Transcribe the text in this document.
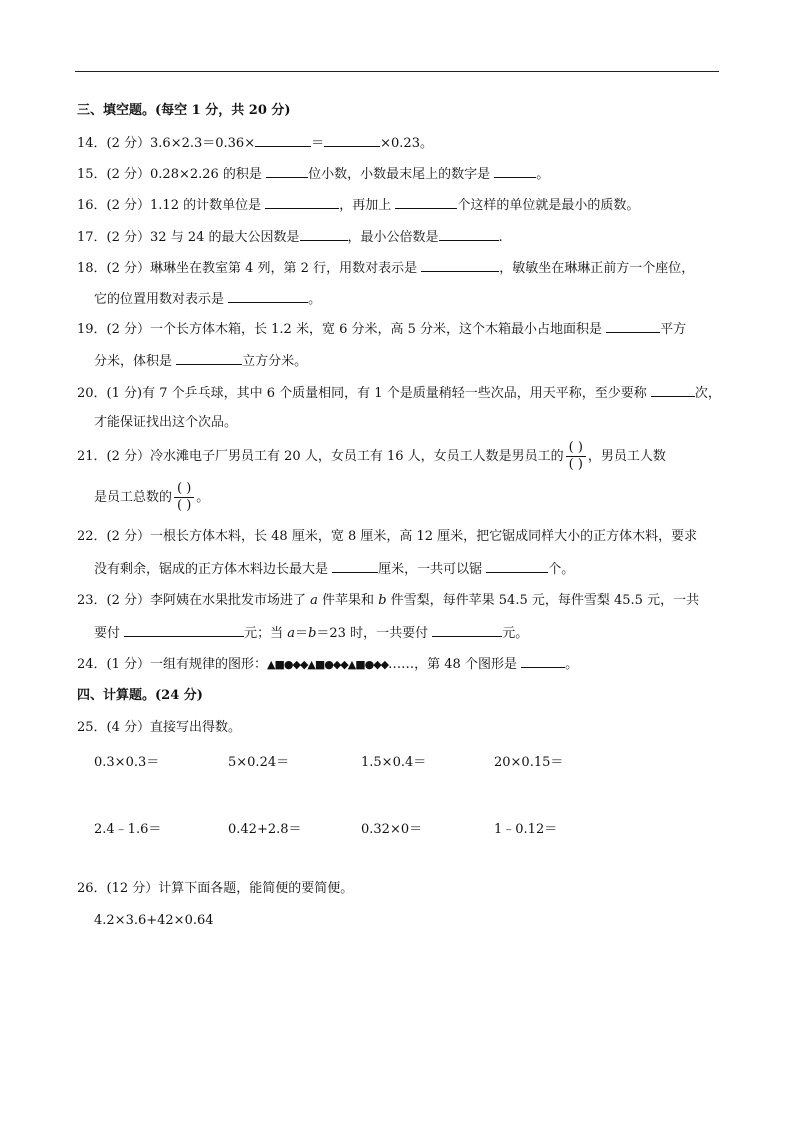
三、填空题。(每空 1 分，共 20 分)
14．(2 分）3.6×2.3＝0.36×	＝	×0.23。
15．(2 分）0.28×2.26 的积是	位小数，小数最末尾上的数字是	。
16．(2 分）1.12 的计数单位是	，再加上	个这样的单位就是最小的质数。
17．(2 分）32 与 24 的最大公因数是	，最小公倍数是	.
18．(2 分）琳琳坐在教室第 4 列，第 2 行，用数对表示是	，敏敏坐在琳琳正前方一个座位，
它的位置用数对表示是	。
19．(2 分）一个长方体木箱，长 1.2 米，宽 6 分米，高 5 分米，这个木箱最小占地面积是	平方
分米，体积是	立方分米。
20．(1 分)有 7 个乒乓球，其中 6 个质量相同，有 1 个是质量稍轻一些次品，用天平称，至少要称	次，
才能保证找出这个次品。
21．(2 分）冷水滩电子厂男员工有 20 人，女员工有 16 人，女员工人数是男员工的 $\frac{( )}{( )}$ ，男员工人数
是员工总数的 $\frac{( )}{( )}$ 。
22．(2 分）一根长方体木料，长 48 厘米，宽 8 厘米，高 12 厘米，把它锯成同样大小的正方体木料，要求
没有剩余，锯成的正方体木料边长最大是	厘米，一共可以锯	个。
23．(2 分）李阿姨在水果批发市场进了 a 件苹果和 b 件雪梨，每件苹果 54.5 元，每件雪梨 45.5 元，一共
要付	元；当 a＝b＝23 时，一共要付	元。
24．(1 分）一组有规律的图形：▲■●◆◆▲■●◆◆▲■●◆◆……，第 48 个图形是	。
四、计算题。(24 分)
25．(4 分）直接写出得数。
0.3×0.3＝	5×0.24＝	1.5×0.4＝	20×0.15＝
2.4﹣1.6＝	0.42+2.8＝	0.32×0＝	1﹣0.12＝
26．(12 分）计算下面各题，能简便的要简便。
4.2×3.6+42×0.64
